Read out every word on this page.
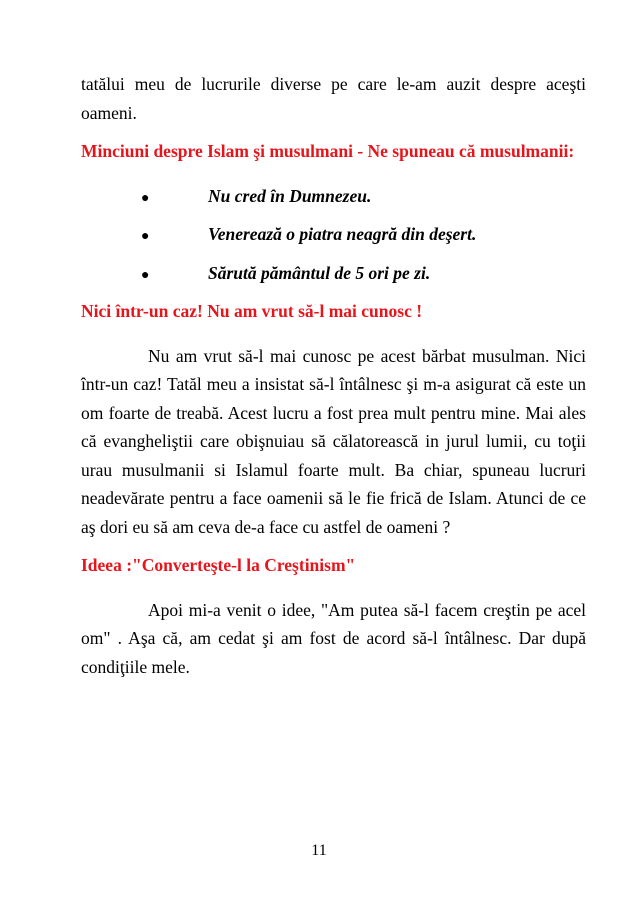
tatălui meu de lucrurile diverse pe care le-am auzit despre aceşti oameni.

Minciuni despre Islam şi musulmani - Ne spuneau că musulmanii:

●	Nu cred în Dumnezeu.
●	Venerează o piatra neagră din deşert.
●	Sărută pământul de 5 ori pe zi.

Nici într-un caz! Nu am vrut să-l mai cunosc !

Nu am vrut să-l mai cunosc pe acest bărbat musulman. Nici într-un caz! Tatăl meu a insistat să-l întâlnesc şi m-a asigurat că este un om foarte de treabă. Acest lucru a fost prea mult pentru mine. Mai ales că evangheliştii care obişnuiau să călatorească in jurul lumii, cu toţii urau musulmanii si Islamul foarte mult. Ba chiar, spuneau lucruri neadevărate pentru a face oamenii să le fie frică de Islam. Atunci de ce aş dori eu să am ceva de-a face cu astfel de oameni ?

Ideea :"Converteşte-l la Creştinism"

Apoi mi-a venit o idee, "Am putea să-l facem creştin pe acel om" . Aşa că, am cedat şi am fost de acord să-l întâlnesc. Dar după condiţiile mele.

11
